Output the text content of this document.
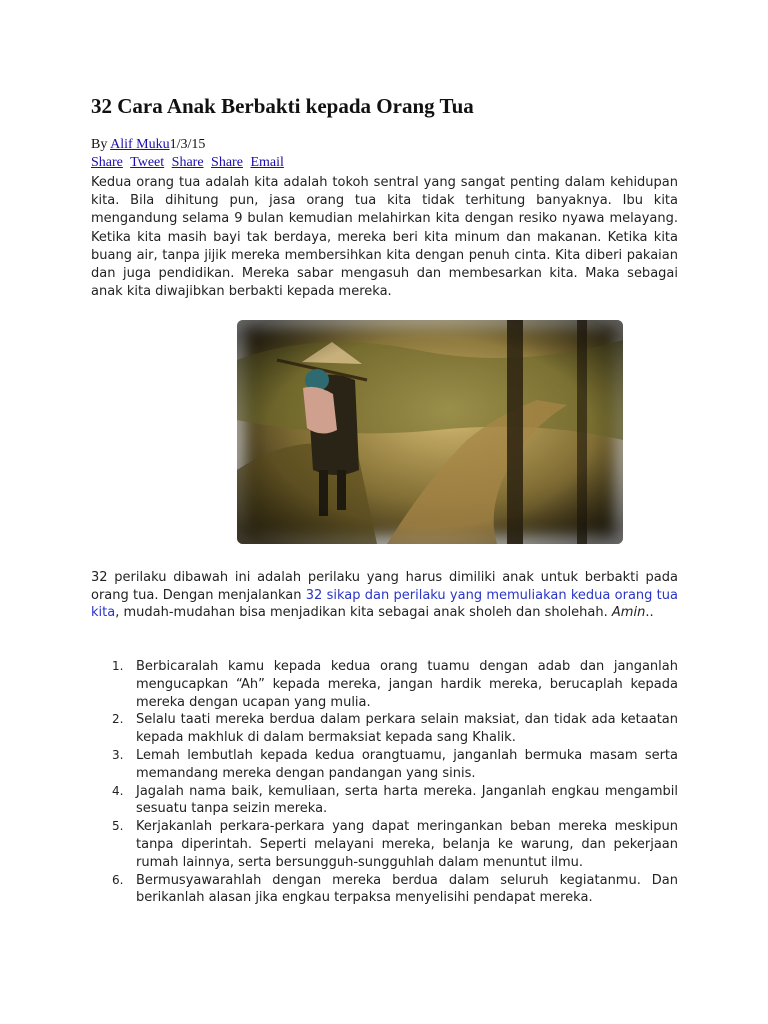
32 Cara Anak Berbakti kepada Orang Tua
By Alif Muku1/3/15
Share Tweet Share Share Email

Kedua orang tua adalah kita adalah tokoh sentral yang sangat penting dalam kehidupan kita. Bila dihitung pun, jasa orang tua kita tidak terhitung banyaknya. Ibu kita mengandung selama 9 bulan kemudian melahirkan kita dengan resiko nyawa melayang. Ketika kita masih bayi tak berdaya, mereka beri kita minum dan makanan. Ketika kita buang air, tanpa jijik mereka membersihkan kita dengan penuh cinta. Kita diberi pakaian dan juga pendidikan. Mereka sabar mengasuh dan membesarkan kita. Maka sebagai anak kita diwajibkan berbakti kepada mereka.

32 perilaku dibawah ini adalah perilaku yang harus dimiliki anak untuk berbakti pada orang tua. Dengan menjalankan 32 sikap dan perilaku yang memuliakan kedua orang tua kita, mudah-mudahan bisa menjadikan kita sebagai anak sholeh dan sholehah. Amin..

1. Berbicaralah kamu kepada kedua orang tuamu dengan adab dan janganlah mengucapkan “Ah” kepada mereka, jangan hardik mereka, berucaplah kepada mereka dengan ucapan yang mulia.
2. Selalu taati mereka berdua dalam perkara selain maksiat, dan tidak ada ketaatan kepada makhluk di dalam bermaksiat kepada sang Khalik.
3. Lemah lembutlah kepada kedua orangtuamu, janganlah bermuka masam serta memandang mereka dengan pandangan yang sinis.
4. Jagalah nama baik, kemuliaan, serta harta mereka. Janganlah engkau mengambil sesuatu tanpa seizin mereka.
5. Kerjakanlah perkara-perkara yang dapat meringankan beban mereka meskipun tanpa diperintah. Seperti melayani mereka, belanja ke warung, dan pekerjaan rumah lainnya, serta bersungguh-sungguhlah dalam menuntut ilmu.
6. Bermusyawarahlah dengan mereka berdua dalam seluruh kegiatanmu. Dan berikanlah alasan jika engkau terpaksa menyelisihi pendapat mereka.
